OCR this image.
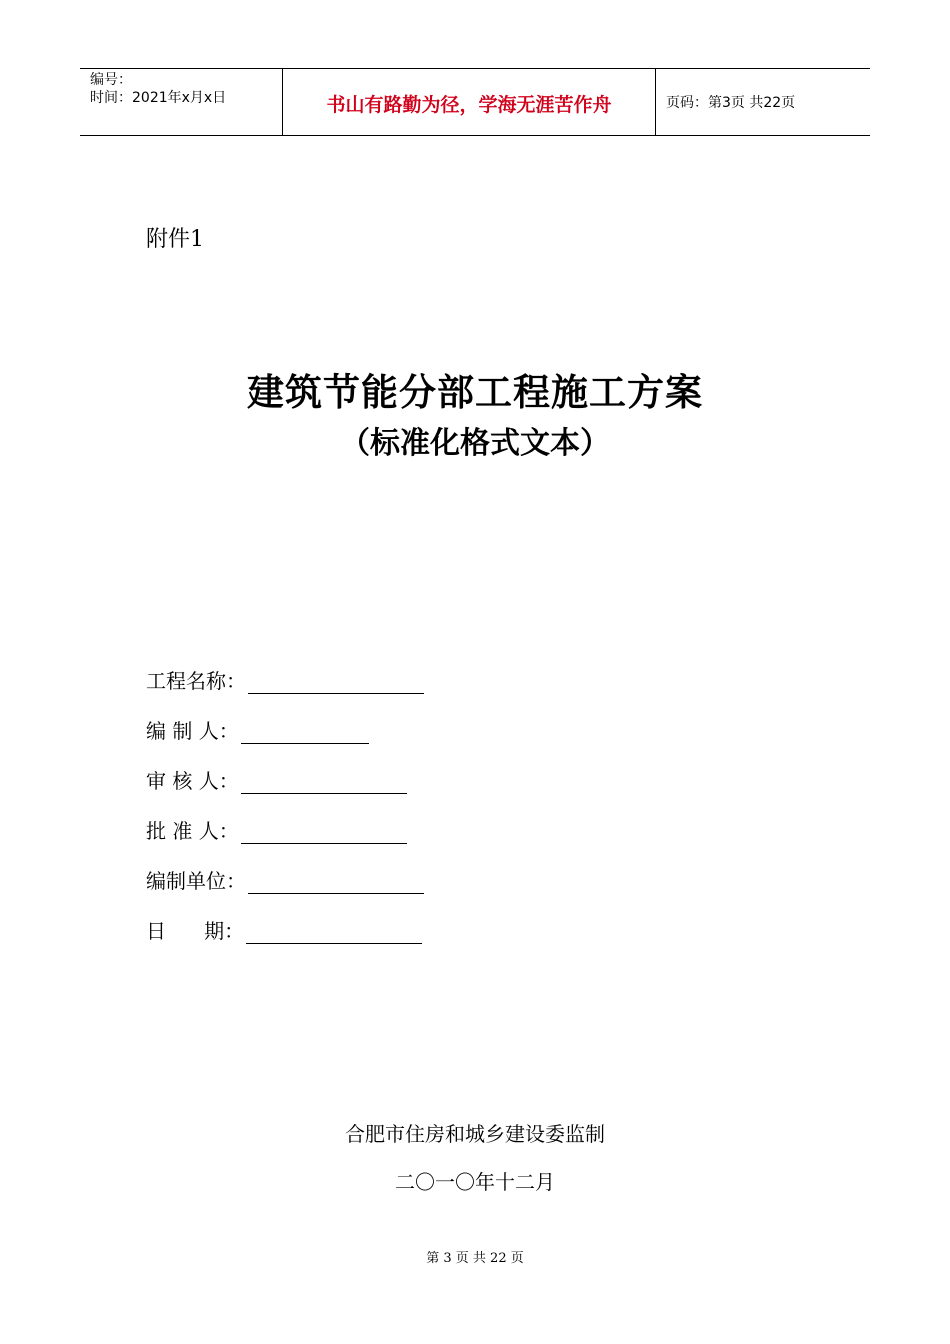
编号：
时间：2021年x月x日	书山有路勤为径，学海无涯苦作舟	页码：第3页 共22页
附件1
建筑节能分部工程施工方案
（标准化格式文本）
工程名称：
编 制 人：
审 核 人：
批 准 人：
编制单位：
日      期：
合肥市住房和城乡建设委监制
二〇一〇年十二月
第 3 页 共 22 页
